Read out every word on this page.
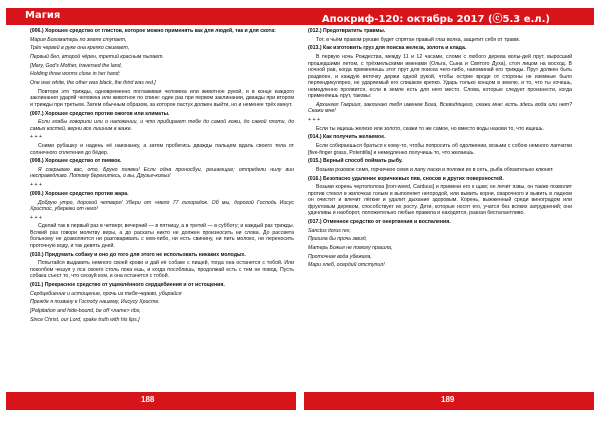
Магия	Апокриф-120: октябрь 2017 (ⓒ5.3 е.л.)

(006.) Хорошее средство от глистов, которое можно применять как для людей, так и для скота:

Мария Богоматерь по земле ступает,

Трёх червей в руке она крепко сжимает,

Первый бел, второй чёрен, третий красным пылает.

[Mary, God's Mother, traversed the land,

Holding three worms close in her hand;

One was white, the other was black, the third was red.]

Повтори это трижды, одновременно поглаживая человека или животное рукой, и в конце каждого заклинания ударяй человека или животное по спине: один раз при первом заклинании, дважды при втором и трижды при третьем. Затем обычным образом, за которое пастух должен выйти, но и неменее трёх минут.

(007.) Хорошее средство против ожогов или климаты.

Если глабы говорили или о наложении, и что прибирают тебе до самой кожи, до самой плоти, до самых костей, верни все лишним в жаже.

+ + +

Сними рубашку и надень её наизнанку, а затем пробегись дважды пальцем вдаль своего тела от солнечного сплетения до бёдер.

(008.) Хорошее средство от пиявок.

Я сокрываю вас, ото, Бруно пиявки! Если одна проносбуи, решающие; отпредели нилу вин несправедливо. Потому берегитесь, о вы, Друзья-кольи!

+ + +

(009.) Хорошее средство против жара.

Добрую утро, дорогой четверг! Убери от «мело 77 лихорадок. Об мы, дорогой Господь Иисус Христос, убережи от него!

+ + +

Сделай так в первый раз в четверг, вечерний — в пятницу, а в третий — в субботу; и каждый раз трижды. Всякий раз говори молитву веры, а до раскаты никто не должен произносить ни слова. До рассвета больному не дозволяется ни разговаривать с кем-либо, ни есть свинину, ни пить молоко, ни переносить проточную воду, и так девять дней.

(010.) Придумать собаку и оно до того для этого не испольовать никаких молодых.

Попытайся выдавить немного своей крови и дай её собаке с пищей, тогда она останется с тобой. Или поколбом чешуя у пса своего столь пока ешь, и когда пособлишь, продолжай есть с тем не повод. Пусть собака съест то, что сеозуй ком, и она останется с тобой.

(011.) Прекрасное средство от ущемлённого сердцебиения и от истощения.

Сердцебиение и истощение, прочь из тебя-черево, убирайся

Прежде я позвану к Господу нашему, Иисусу Христе.

[Palpitation and hide-bound, be off <name> ribs,

Since Christ, our Lord, spake truth with his lips.]

(012.) Предотвратить травмы.

Тот, в чьём правом рукаве будет спрятан правый глаз волка, защитит себя от травм.

(013.) Как изготовить груз для поиска железа, золота и клада.

В первую ночь Рождества, между 11 и 12 часами, сломи с любого дерева волы-дей прут, выросший прошедшими летом, с трёхмельскими именами (Ольга, Сына и Святого Духа), стоя лицом на восход. В ночной рав, когда применяешь этот прут для поиска чего-либо, напоминай его трижды. Прут должен быть раздвоен, и каждую веточку держи одной рукой, чтобы острие вроде от стороны не иземные было перпендикулярно, не ударяемый его слишком крепко. Ударь только концом в землю, и то, что ты хочешь, немедленно проявится, если в земле есть для него место. Слова, которые следует произнести, когда применяешь прут, таковы:

Архангел Гавриил, заклинаю тебя именем Бога, Всевидящего, скажи мне: есть здесь вода или нет? Скажи мне!

+ + +

Если ты ищешь железо или золото, скажи то же самое, но вместо воды назови то, что ищешь.

(014.) Как получить желаемое.

Если собираешься браться к кому-то, чтобы попросить об одолжении, возьми с собою немного лапчатки [five-finger grass, Potentilla] и немедленно получишь то, что желаешь.

(015.) Верный способ поймать рыбу.

Возьми розовое семя, горчичное семя и лапу ласки и положи их в сеть, рыба обязательно клюнет.

(016.) Безопасно удаление коричневых пяв, сносов и других поверхностей.

Возьми корень чертополоха [iron-weed, Carduus] и примени его к щам; он лечит язвы, он также позволит против стекол в жилочках голым и выполняет негородой, или вывить корни, сварочного и вывить в ладном он очистит и влечит лёгкие и удалит дыхание здоровым. Корень, выжженный среди виноградом или фруктовым деревом, способствует их росту. Дети, которые носят его, учатся без всяких затруднений; они удачливы и наоборот, положительно любые правила и находятся, разная бесталантливо.

(017.) Отменное средство от онертвения и воспаления.

Sanctus itorus rex,

Пришла бы прочь звезд,

Матерь Божья не помогу прашла,

Проточная вода убежала,

Мари хлеб, осердий отступил!

188	189
